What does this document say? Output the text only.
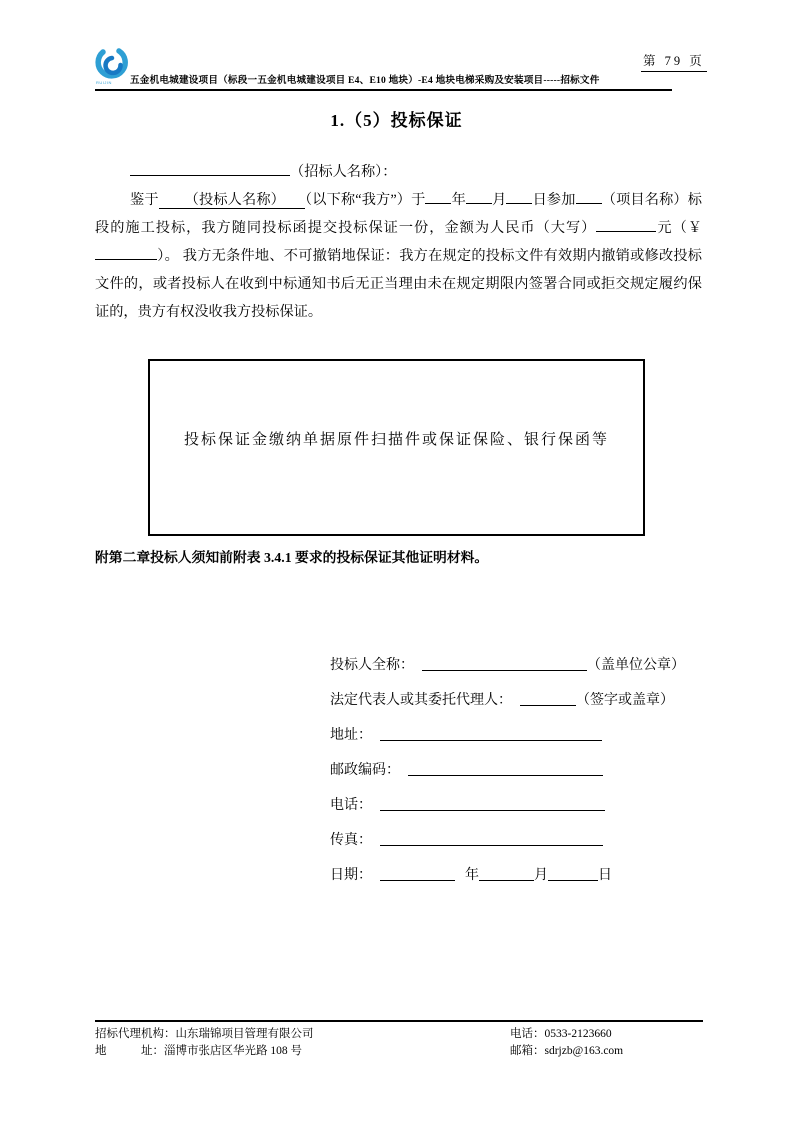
RUIJIN
第 79 页
五金机电城建设项目（标段一五金机电城建设项目 E4、E10 地块）-E4 地块电梯采购及安装项目-----招标文件
1.（5）投标保证
（招标人名称）：

鉴于 （投标人名称） （以下称“我方”）于 年 月 日参加 （项目名称）标段的施工投标，我方随同投标函提交投标保证一份，金额为人民币（大写）	元（￥）。 我方无条件地、不可撤销地保证：我方在规定的投标文件有效期内撤销或修改投标文件的，或者投标人在收到中标通知书后无正当理由未在规定期限内签署合同或拒交规定履约保证的，贵方有权没收我方投标保证。

投标保证金缴纳单据原件扫描件或保证保险、银行保函等
附第二章投标人须知前附表 3.4.1 要求的投标保证其他证明材料。
投标人全称：	（盖单位公章）
法定代表人或其委托代理人：	（签字或盖章）
地址：
邮政编码：
电话：
传真：
日期：	年	月	日
招标代理机构：山东瑞锦项目管理有限公司	电话：0533-2123660
地　　　址：淄博市张店区华光路 108 号	邮箱：sdrjzb@163.com
